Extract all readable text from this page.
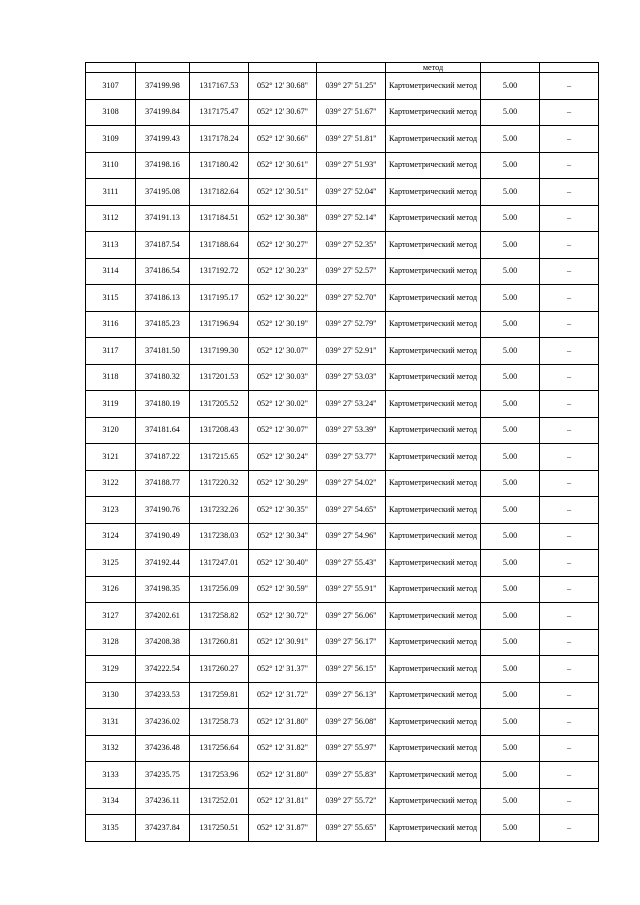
					метод		
3107	374199.98	1317167.53	052° 12' 30.68"	039° 27' 51.25"	Картометрический метод	5.00	–
3108	374199.84	1317175.47	052° 12' 30.67"	039° 27' 51.67"	Картометрический метод	5.00	–
3109	374199.43	1317178.24	052° 12' 30.66"	039° 27' 51.81"	Картометрический метод	5.00	–
3110	374198.16	1317180.42	052° 12' 30.61"	039° 27' 51.93"	Картометрический метод	5.00	–
3111	374195.08	1317182.64	052° 12' 30.51"	039° 27' 52.04"	Картометрический метод	5.00	–
3112	374191.13	1317184.51	052° 12' 30.38"	039° 27' 52.14"	Картометрический метод	5.00	–
3113	374187.54	1317188.64	052° 12' 30.27"	039° 27' 52.35"	Картометрический метод	5.00	–
3114	374186.54	1317192.72	052° 12' 30.23"	039° 27' 52.57"	Картометрический метод	5.00	–
3115	374186.13	1317195.17	052° 12' 30.22"	039° 27' 52.70"	Картометрический метод	5.00	–
3116	374185.23	1317196.94	052° 12' 30.19"	039° 27' 52.79"	Картометрический метод	5.00	–
3117	374181.50	1317199.30	052° 12' 30.07"	039° 27' 52.91"	Картометрический метод	5.00	–
3118	374180.32	1317201.53	052° 12' 30.03"	039° 27' 53.03"	Картометрический метод	5.00	–
3119	374180.19	1317205.52	052° 12' 30.02"	039° 27' 53.24"	Картометрический метод	5.00	–
3120	374181.64	1317208.43	052° 12' 30.07"	039° 27' 53.39"	Картометрический метод	5.00	–
3121	374187.22	1317215.65	052° 12' 30.24"	039° 27' 53.77"	Картометрический метод	5.00	–
3122	374188.77	1317220.32	052° 12' 30.29"	039° 27' 54.02"	Картометрический метод	5.00	–
3123	374190.76	1317232.26	052° 12' 30.35"	039° 27' 54.65"	Картометрический метод	5.00	–
3124	374190.49	1317238.03	052° 12' 30.34"	039° 27' 54.96"	Картометрический метод	5.00	–
3125	374192.44	1317247.01	052° 12' 30.40"	039° 27' 55.43"	Картометрический метод	5.00	–
3126	374198.35	1317256.09	052° 12' 30.59"	039° 27' 55.91"	Картометрический метод	5.00	–
3127	374202.61	1317258.82	052° 12' 30.72"	039° 27' 56.06"	Картометрический метод	5.00	–
3128	374208.38	1317260.81	052° 12' 30.91"	039° 27' 56.17"	Картометрический метод	5.00	–
3129	374222.54	1317260.27	052° 12' 31.37"	039° 27' 56.15"	Картометрический метод	5.00	–
3130	374233.53	1317259.81	052° 12' 31.72"	039° 27' 56.13"	Картометрический метод	5.00	–
3131	374236.02	1317258.73	052° 12' 31.80"	039° 27' 56.08"	Картометрический метод	5.00	–
3132	374236.48	1317256.64	052° 12' 31.82"	039° 27' 55.97"	Картометрический метод	5.00	–
3133	374235.75	1317253.96	052° 12' 31.80"	039° 27' 55.83"	Картометрический метод	5.00	–
3134	374236.11	1317252.01	052° 12' 31.81"	039° 27' 55.72"	Картометрический метод	5.00	–
3135	374237.84	1317250.51	052° 12' 31.87"	039° 27' 55.65"	Картометрический метод	5.00	–
